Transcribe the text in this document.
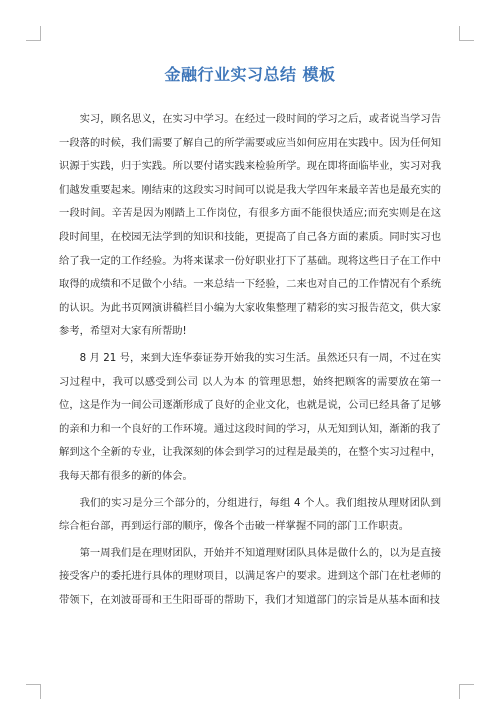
金融行业实习总结 模板

实习，顾名思义，在实习中学习。在经过一段时间的学习之后，或者说当学习告一段落的时候，我们需要了解自己的所学需要或应当如何应用在实践中。因为任何知识源于实践，归于实践。所以要付诸实践来检验所学。现在即将面临毕业，实习对我们越发重要起来。刚结束的这段实习时间可以说是我大学四年来最辛苦也是最充实的一段时间。辛苦是因为刚踏上工作岗位，有很多方面不能很快适应;而充实则是在这段时间里，在校园无法学到的知识和技能，更提高了自己各方面的素质。同时实习也给了我一定的工作经验。为将来谋求一份好职业打下了基础。现将这些日子在工作中取得的成绩和不足做个小结。一来总结一下经验，二来也对自己的工作情况有个系统的认识。为此书页网演讲稿栏目小编为大家收集整理了精彩的实习报告范文，供大家参考，希望对大家有所帮助!

8 月 21 号，来到大连华泰证券开始我的实习生活。虽然还只有一周，不过在实习过程中，我可以感受到公司 以人为本 的管理思想，始终把顾客的需要放在第一位，这是作为一间公司逐渐形成了良好的企业文化，也就是说，公司已经具备了足够的亲和力和一个良好的工作环境。通过这段时间的学习，从无知到认知，渐渐的我了解到这个全新的专业，让我深刻的体会到学习的过程是最美的，在整个实习过程中，我每天都有很多的新的体会。

我们的实习是分三个部分的，分组进行，每组 4 个人。我们组按从理财团队到综合柜台部，再到运行部的顺序，像各个击破一样掌握不同的部门工作职责。

第一周我们是在理财团队，开始并不知道理财团队具体是做什么的，以为是直接接受客户的委托进行具体的理财项目，以满足客户的要求。进到这个部门在杜老师的带领下，在刘波哥哥和王生阳哥哥的帮助下，我们才知道部门的宗旨是从基本面和技
